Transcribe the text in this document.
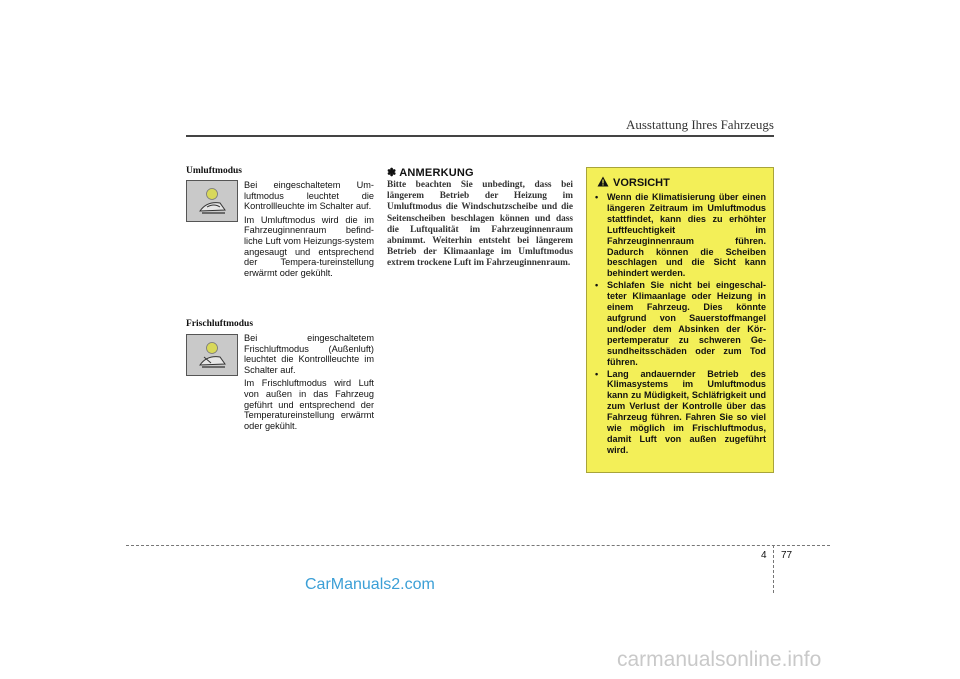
Ausstattung Ihres Fahrzeugs
Umluftmodus

Bei eingeschaltetem Um-luftmodus leuchtet die Kontrollleuchte im Schalter auf.

Im Umluftmodus wird die im Fahrzeuginnenraum befind-liche Luft vom Heizungs-system angesaugt und entsprechend der Tempera-tureinstellung erwärmt oder gekühlt.

Frischluftmodus

Bei eingeschaltetem Frischluftmodus (Außenluft) leuchtet die Kontrollleuchte im Schalter auf.

Im Frischluftmodus wird Luft von außen in das Fahrzeug geführt und entsprechend der Temperatureinstellung erwärmt oder gekühlt.

✽ ANMERKUNG

Bitte beachten Sie unbedingt, dass bei längerem Betrieb der Heizung im Umluftmodus die Windschutzscheibe und die Seitenscheiben beschlagen können und dass die Luftqualität im Fahrzeuginnenraum abnimmt. Weiterhin entsteht bei längerem Betrieb der Klimaanlage im Umluftmodus extrem trockene Luft im Fahrzeuginnenraum.

VORSICHT
• Wenn die Klimatisierung über einen längeren Zeitraum im Umluftmodus stattfindet, kann dies zu erhöhter Luftfeuchtigkeit im Fahrzeuginnenraum führen. Dadurch können die Scheiben beschlagen und die Sicht kann behindert werden.
• Schlafen Sie nicht bei eingeschal-teter Klimaanlage oder Heizung in einem Fahrzeug. Dies könnte aufgrund von Sauerstoffmangel und/oder dem Absinken der Kör-pertemperatur zu schweren Ge-sundheitsschäden oder zum Tod führen.
• Lang andauernder Betrieb des Klimasystems im Umluftmodus kann zu Müdigkeit, Schläfrigkeit und zum Verlust der Kontrolle über das Fahrzeug führen. Fahren Sie so viel wie möglich im Frischluftmodus, damit Luft von außen zugeführt wird.
4 77
CarManuals2.com
carmanualsonline.info
